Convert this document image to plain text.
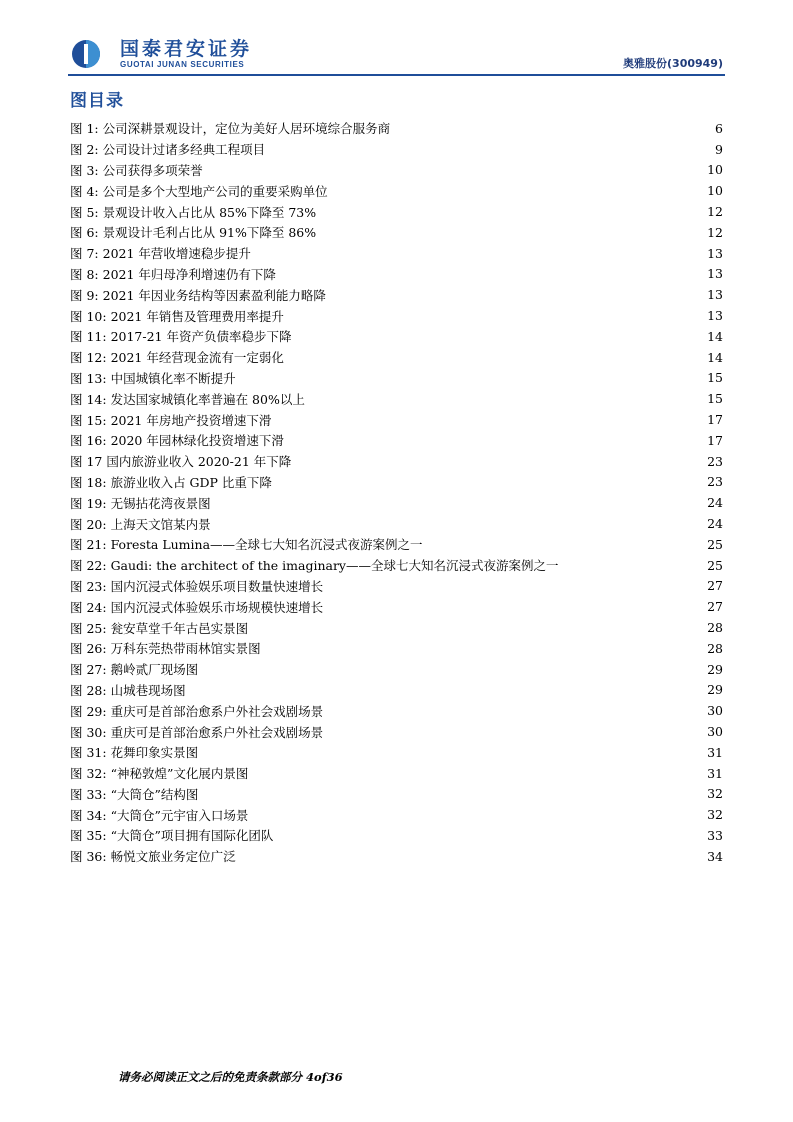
国泰君安证券
GUOTAI JUNAN SECURITIES	奥雅股份(300949)
图目录
图 1: 公司深耕景观设计，定位为美好人居环境综合服务商	6
图 2: 公司设计过诸多经典工程项目	9
图 3: 公司获得多项荣誉	10
图 4: 公司是多个大型地产公司的重要采购单位	10
图 5: 景观设计收入占比从 85%下降至 73%	12
图 6: 景观设计毛利占比从 91%下降至 86%	12
图 7: 2021 年营收增速稳步提升	13
图 8: 2021 年归母净利增速仍有下降	13
图 9: 2021 年因业务结构等因素盈利能力略降	13
图 10: 2021 年销售及管理费用率提升	13
图 11: 2017-21 年资产负债率稳步下降	14
图 12: 2021 年经营现金流有一定弱化	14
图 13: 中国城镇化率不断提升	15
图 14: 发达国家城镇化率普遍在 80%以上	15
图 15: 2021 年房地产投资增速下滑	17
图 16: 2020 年园林绿化投资增速下滑	17
图 17 国内旅游业收入 2020-21 年下降	23
图 18: 旅游业收入占 GDP 比重下降	23
图 19: 无锡拈花湾夜景图	24
图 20: 上海天文馆某内景	24
图 21: Foresta Lumina——全球七大知名沉浸式夜游案例之一	25
图 22: Gaudi: the architect of the imaginary——全球七大知名沉浸式夜游案例之一	25
图 23: 国内沉浸式体验娱乐项目数量快速增长	27
图 24: 国内沉浸式体验娱乐市场规模快速增长	27
图 25: 瓮安草堂千年古邑实景图	28
图 26: 万科东莞热带雨林馆实景图	28
图 27: 鹅岭贰厂现场图	29
图 28: 山城巷现场图	29
图 29: 重庆可是首部治愈系户外社会戏剧场景	30
图 30: 重庆可是首部治愈系户外社会戏剧场景	30
图 31: 花舞印象实景图	31
图 32: “神秘敦煌”文化展内景图	31
图 33: “大筒仓”结构图	32
图 34: “大筒仓”元宇宙入口场景	32
图 35: “大筒仓”项目拥有国际化团队	33
图 36: 畅悦文旅业务定位广泛	34
请务必阅读正文之后的免责条款部分 4of36
